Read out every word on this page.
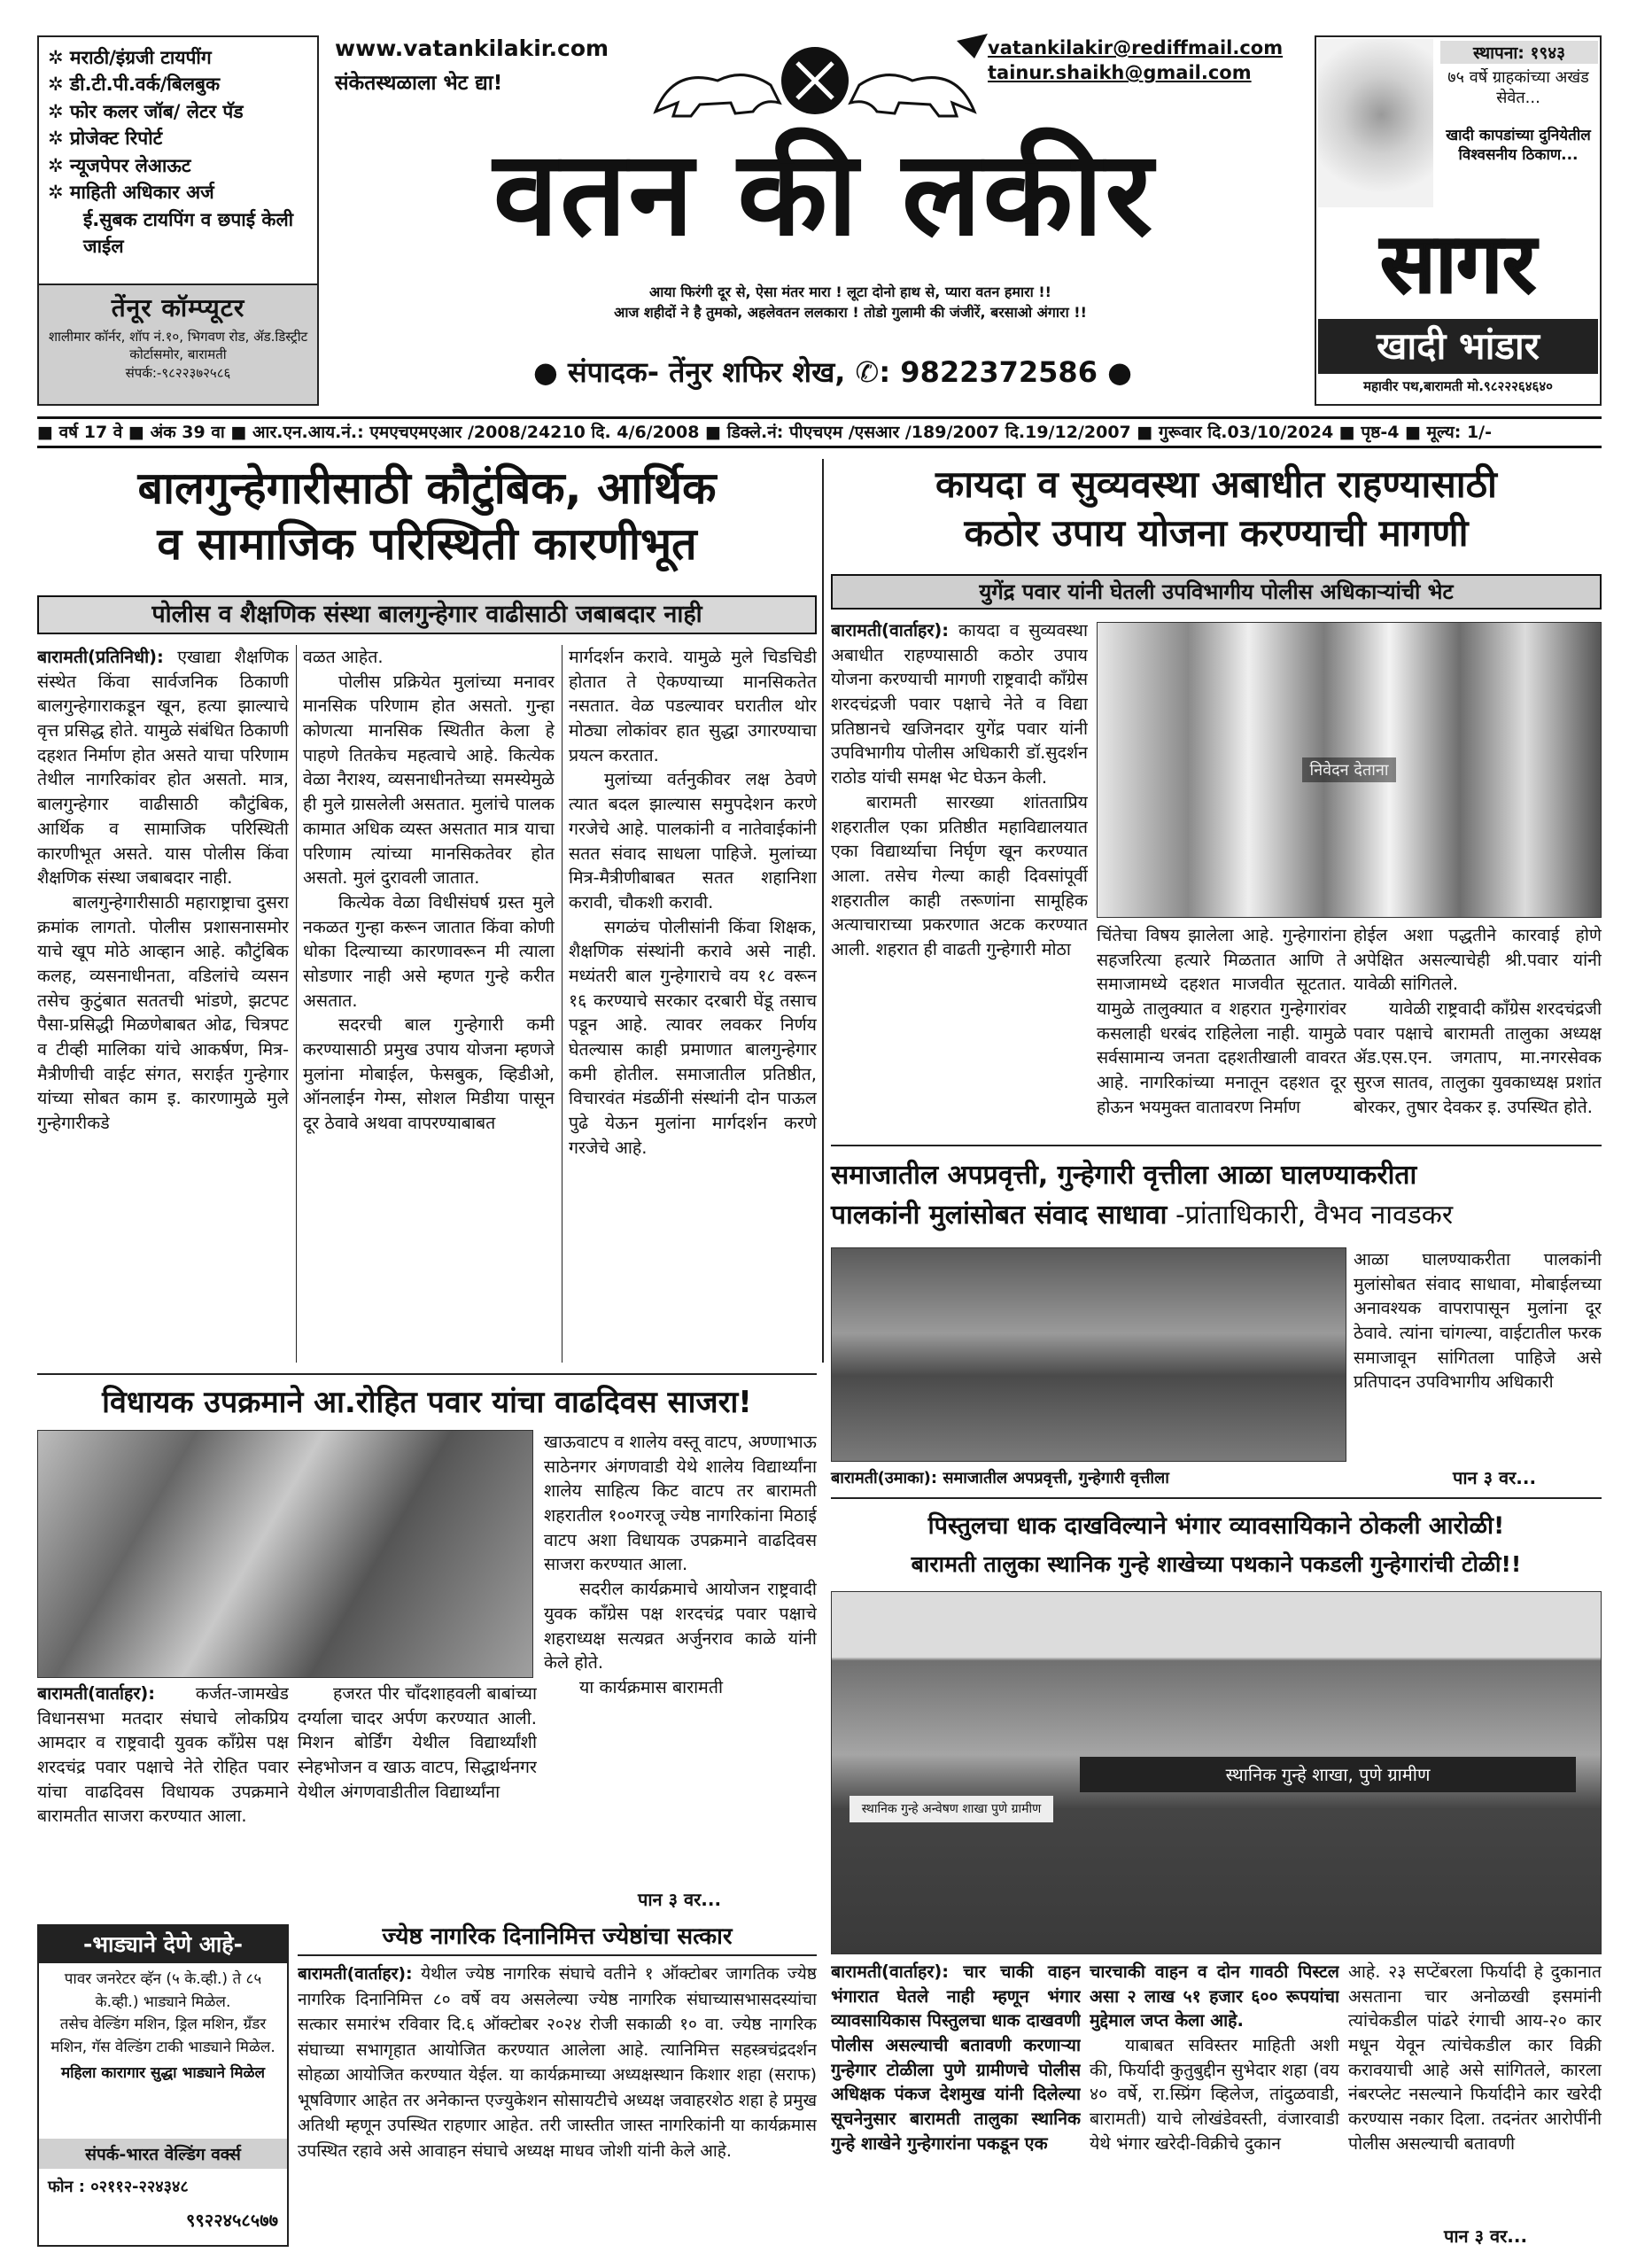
✲ मराठी/इंग्रजी टायपींग
✲ डी.टी.पी.वर्क/बिलबुक
✲ फोर कलर जॉब/ लेटर पॅड
✲ प्रोजेक्ट रिपोर्ट
✲ न्यूजपेपर लेआऊट
✲ माहिती अधिकार अर्ज
ई.सुबक टायपिंग व छपाई केली जाईल
तेंनूर कॉम्प्यूटर
शालीमार कॉर्नर, शॉप नं.१०, भिगवण रोड, ॲड.डिस्ट्रीट कोर्टासमोर, बारामती
संपर्क:-९८२२३७२५८६
www.vatankilakir.com
संकेतस्थळाला भेट द्या!
vatankilakir@rediffmail.com
tainur.shaikh@gmail.com
वतन की लकीर
आया फिरंगी दूर से, ऐसा मंतर मारा ! लूटा दोनो हाथ से, प्यारा वतन हमारा !!
आज शहीदों ने है तुमको, अहलेवतन ललकारा ! तोडो गुलामी की जंजीरें, बरसाओ अंगारा !!
● संपादक- तेंनुर शफिर शेख, ✆: 9822372586 ●
स्थापना: १९४३
७५ वर्षे ग्राहकांच्या अखंड सेवेत...
खादी कापडांच्या दुनियेतील विश्वसनीय ठिकाण...
सागर
खादी भांडार
महावीर पथ,बारामती मो.९८२२२६४६४०
■ वर्ष 17 वे ■ अंक 39 वा ■ आर.एन.आय.नं.: एमएचएमएआर /2008/24210 दि. 4/6/2008 ■ डिक्ले.नं: पीएचएम /एसआर /189/2007 दि.19/12/2007 ■ गुरूवार दि.03/10/2024 ■ पृष्ठ-4 ■ मूल्य: 1/-
बालगुन्हेगारीसाठी कौटुंबिक, आर्थिक
व सामाजिक परिस्थिती कारणीभूत
पोलीस व शैक्षणिक संस्था बालगुन्हेगार वाढीसाठी जबाबदार नाही

बारामती(प्रतिनिधी): एखाद्या शैक्षणिक संस्थेत किंवा सार्वजनिक ठिकाणी बालगुन्हेगाराकडून खून, हत्या झाल्याचे वृत्त प्रसिद्ध होते. यामुळे संबंधित ठिकाणी दहशत निर्माण होत असते याचा परिणाम तेथील नागरिकांवर होत असतो. मात्र, बालगुन्हेगार वाढीसाठी कौटुंबिक, आर्थिक व सामाजिक परिस्थिती कारणीभूत असते. यास पोलीस किंवा शैक्षणिक संस्था जबाबदार नाही.

बालगुन्हेगारीसाठी महाराष्ट्राचा दुसरा क्रमांक लागतो. पोलीस प्रशासनासमोर याचे खूप मोठे आव्हान आहे. कौटुंबिक कलह, व्यसनाधीनता, वडिलांचे व्यसन तसेच कुटुंबात सततची भांडणे, झटपट पैसा-प्रसिद्धी मिळणेबाबत ओढ, चित्रपट व टीव्ही मालिका यांचे आकर्षण, मित्र-मैत्रीणीची वाईट संगत, सराईत गुन्हेगार यांच्या सोबत काम इ. कारणामुळे मुले गुन्हेगारीकडे

वळत आहेत.

पोलीस प्रक्रियेत मुलांच्या मनावर मानसिक परिणाम होत असतो. गुन्हा कोणत्या मानसिक स्थितीत केला हे पाहणे तितकेच महत्वाचे आहे. कित्येक वेळा नैराश्य, व्यसनाधीनतेच्या समस्येमुळे ही मुले ग्रासलेली असतात. मुलांचे पालक कामात अधिक व्यस्त असतात मात्र याचा परिणाम त्यांच्या मानसिकतेवर होत असतो. मुलं दुरावली जातात.

कित्येक वेळा विधीसंघर्ष ग्रस्त मुले नकळत गुन्हा करून जातात किंवा कोणी धोका दिल्याच्या कारणावरून मी त्याला सोडणार नाही असे म्हणत गुन्हे करीत असतात.

सदरची बाल गुन्हेगारी कमी करण्यासाठी प्रमुख उपाय योजना म्हणजे मुलांना मोबाईल, फेसबुक, व्हिडीओ, ऑनलाईन गेम्स, सोशल मिडीया पासून दूर ठेवावे अथवा वापरण्याबाबत

मार्गदर्शन करावे. यामुळे मुले चिडचिडी होतात ते ऐकण्याच्या मानसिकतेत नसतात. वेळ पडल्यावर घरातील थोर मोठ्या लोकांवर हात सुद्धा उगारण्याचा प्रयत्न करतात.

मुलांच्या वर्तनुकीवर लक्ष ठेवणे त्यात बदल झाल्यास समुपदेशन करणे गरजेचे आहे. पालकांनी व नातेवाईकांनी सतत संवाद साधला पाहिजे. मुलांच्या मित्र-मैत्रीणीबाबत सतत शहानिशा करावी, चौकशी करावी.

सगळंच पोलीसांनी किंवा शिक्षक, शैक्षणिक संस्थांनी करावे असे नाही. मध्यंतरी बाल गुन्हेगाराचे वय १८ वरून १६ करण्याचे सरकार दरबारी घेंडू तसाच पडून आहे. त्यावर लवकर निर्णय घेतल्यास काही प्रमाणात बालगुन्हेगार कमी होतील. समाजातील प्रतिष्ठीत, विचारवंत मंडळींनी संस्थांनी दोन पाऊल पुढे येऊन मुलांना मार्गदर्शन करणे गरजेचे आहे.

कायदा व सुव्यवस्था अबाधीत राहण्यासाठी
कठोर उपाय योजना करण्याची मागणी
युगेंद्र पवार यांनी घेतली उपविभागीय पोलीस अधिकाऱ्यांची भेट

बारामती(वार्ताहर): कायदा व सुव्यवस्था अबाधीत राहण्यासाठी कठोर उपाय योजना करण्याची मागणी राष्ट्रवादी काँग्रेस शरदचंद्रजी पवार पक्षाचे नेते व विद्या प्रतिष्ठानचे खजिनदार युगेंद्र पवार यांनी उपविभागीय पोलीस अधिकारी डॉ.सुदर्शन राठोड यांची समक्ष भेट घेऊन केली.

बारामती सारख्या शांतताप्रिय शहरातील एका प्रतिष्ठीत महाविद्यालयात एका विद्यार्थ्याचा निर्घृण खून करण्यात आला. तसेच गेल्या काही दिवसांपूर्वी शहरातील काही तरूणांना सामूहिक अत्याचाराच्या प्रकरणात अटक करण्यात आली. शहरात ही वाढती गुन्हेगारी मोठा

निवेदन देताना

चिंतेचा विषय झालेला आहे. गुन्हेगारांना सहजरित्या हत्यारे मिळतात आणि ते समाजामध्ये दहशत माजवीत सूटतात. यामुळे तालुक्यात व शहरात गुन्हेगारांवर कसलाही धरबंद राहिलेला नाही. यामुळे सर्वसामान्य जनता दहशतीखाली वावरत आहे. नागरिकांच्या मनातून दहशत दूर होऊन भयमुक्त वातावरण निर्माण

होईल अशा पद्धतीने कारवाई होणे अपेक्षित असल्याचेही श्री.पवार यांनी यावेळी सांगितले.

यावेळी राष्ट्रवादी काँग्रेस शरदचंद्रजी पवार पक्षाचे बारामती तालुका अध्यक्ष ॲड.एस.एन. जगताप, मा.नगरसेवक सुरज सातव, तालुका युवकाध्यक्ष प्रशांत बोरकर, तुषार देवकर इ. उपस्थित होते.

समाजातील अपप्रवृत्ती, गुन्हेगारी वृत्तीला आळा घालण्याकरीता
पालकांनी मुलांसोबत संवाद साधावा -प्रांताधिकारी, वैभव नावडकर
बारामती(उमाका): समाजातील अपप्रवृत्ती, गुन्हेगारी वृत्तीला

आळा घालण्याकरीता पालकांनी मुलांसोबत संवाद साधावा, मोबाईलच्या अनावश्यक वापरापासून मुलांना दूर ठेवावे. त्यांना चांगल्या, वाईटातील फरक समाजावून सांगितला पाहिजे असे प्रतिपादन उपविभागीय अधिकारी

पान ३ वर...
पिस्तुलचा धाक दाखविल्याने भंगार व्यावसायिकाने ठोकली आरोळी!
बारामती तालुका स्थानिक गुन्हे शाखेच्या पथकाने पकडली गुन्हेगारांची टोळी!!
स्थानिक गुन्हे शाखा, पुणे ग्रामीण
स्थानिक गुन्हे अन्वेषण शाखा पुणे ग्रामीण

बारामती(वार्ताहर): चार चाकी वाहन भंगारात घेतले नाही म्हणून भंगार व्यावसायिकास पिस्तुलचा धाक दाखवणी पोलीस असल्याची बतावणी करणाऱ्या गुन्हेगार टोळीला पुणे ग्रामीणचे पोलीस अधिक्षक पंकज देशमुख यांनी दिलेल्या सूचनेनुसार बारामती तालुका स्थानिक गुन्हे शाखेने गुन्हेगारांना पकडून एक

चारचाकी वाहन व दोन गावठी पिस्टल असा २ लाख ५१ हजार ६०० रूपयांचा मुद्देमाल जप्त केला आहे.

याबाबत सविस्तर माहिती अशी की, फिर्यादी कुतुबुद्दीन सुभेदार शहा (वय ४० वर्षे, रा.स्प्रिंग व्हिलेज, तांदुळवाडी, बारामती) याचे लोखंडेवस्ती, वंजारवाडी येथे भंगार खरेदी-विक्रीचे दुकान

आहे. २३ सप्टेंबरला फिर्यादी हे दुकानात असताना चार अनोळखी इसमांनी त्यांचेकडील पांढरे रंगाची आय-२० कार मधून येवून त्यांचेकडील कार विक्री करावयाची आहे असे सांगितले, कारला नंबरप्लेट नसल्याने फिर्यादीने कार खरेदी करण्यास नकार दिला. तदनंतर आरोपींनी पोलीस असल्याची बतावणी

पान ३ वर...
विधायक उपक्रमाने आ.रोहित पवार यांचा वाढदिवस साजरा!

बारामती(वार्ताहर): कर्जत-जामखेड विधानसभा मतदार संघाचे लोकप्रिय आमदार व राष्ट्रवादी युवक काँग्रेस पक्ष शरदचंद्र पवार पक्षाचे नेते रोहित पवार यांचा वाढदिवस विधायक उपक्रमाने बारामतीत साजरा करण्यात आला.

हजरत पीर चाँदशाहवली बाबांच्या दर्ग्याला चादर अर्पण करण्यात आली. मिशन बोर्डिंग येथील विद्यार्थ्यांशी स्नेहभोजन व खाऊ वाटप, सिद्धार्थनगर येथील अंगणवाडीतील विद्यार्थ्यांना

खाऊवाटप व शालेय वस्तू वाटप, अण्णाभाऊ साठेनगर अंगणवाडी येथे शालेय विद्यार्थ्यांना शालेय साहित्य किट वाटप तर बारामती शहरातील १००गरजू ज्येष्ठ नागरिकांना मिठाई वाटप अशा विधायक उपक्रमाने वाढदिवस साजरा करण्यात आला.

सदरील कार्यक्रमाचे आयोजन राष्ट्रवादी युवक काँग्रेस पक्ष शरदचंद्र पवार पक्षाचे शहराध्यक्ष सत्यव्रत अर्जुनराव काळे यांनी केले होते.

या कार्यक्रमास बारामती

पान ३ वर...
-भाड्याने देणे आहे-
पावर जनरेटर व्हॅन (५ के.व्ही.) ते ८५ के.व्ही.) भाड्याने मिळेल.
तसेच वेल्डिंग मशिन, ड्रिल मशिन, ग्रँडर मशिन, गॅस वेल्डिंग टाकी भाड्याने मिळेल.
महिला कारागार सुद्धा भाड्याने मिळेल
संपर्क-भारत वेल्डिंग वर्क्स
फोन : ०२११२-२२४३४८
९९२२४५८५७७
ज्येष्ठ नागरिक दिनानिमित्त ज्येष्ठांचा सत्कार

बारामती(वार्ताहर): येथील ज्येष्ठ नागरिक संघाचे वतीने १ ऑक्टोबर जागतिक ज्येष्ठ नागरिक दिनानिमित्त ८० वर्षे वय असलेल्या ज्येष्ठ नागरिक संघाच्यासभासदस्यांचा सत्कार समारंभ रविवार दि.६ ऑक्टोबर २०२४ रोजी सकाळी १० वा. ज्येष्ठ नागरिक संघाच्या सभागृहात आयोजित करण्यात आलेला आहे. त्यानिमित्त सहस्त्रचंद्रदर्शन सोहळा आयोजित करण्यात येईल. या कार्यक्रमाच्या अध्यक्षस्थान किशार शहा (सराफ) भूषविणार आहेत तर अनेकान्त एज्युकेशन सोसायटीचे अध्यक्ष जवाहरशेठ शहा हे प्रमुख अतिथी म्हणून उपस्थित राहणार आहेत. तरी जास्तीत जास्त नागरिकांनी या कार्यक्रमास उपस्थित रहावे असे आवाहन संघाचे अध्यक्ष माधव जोशी यांनी केले आहे.
